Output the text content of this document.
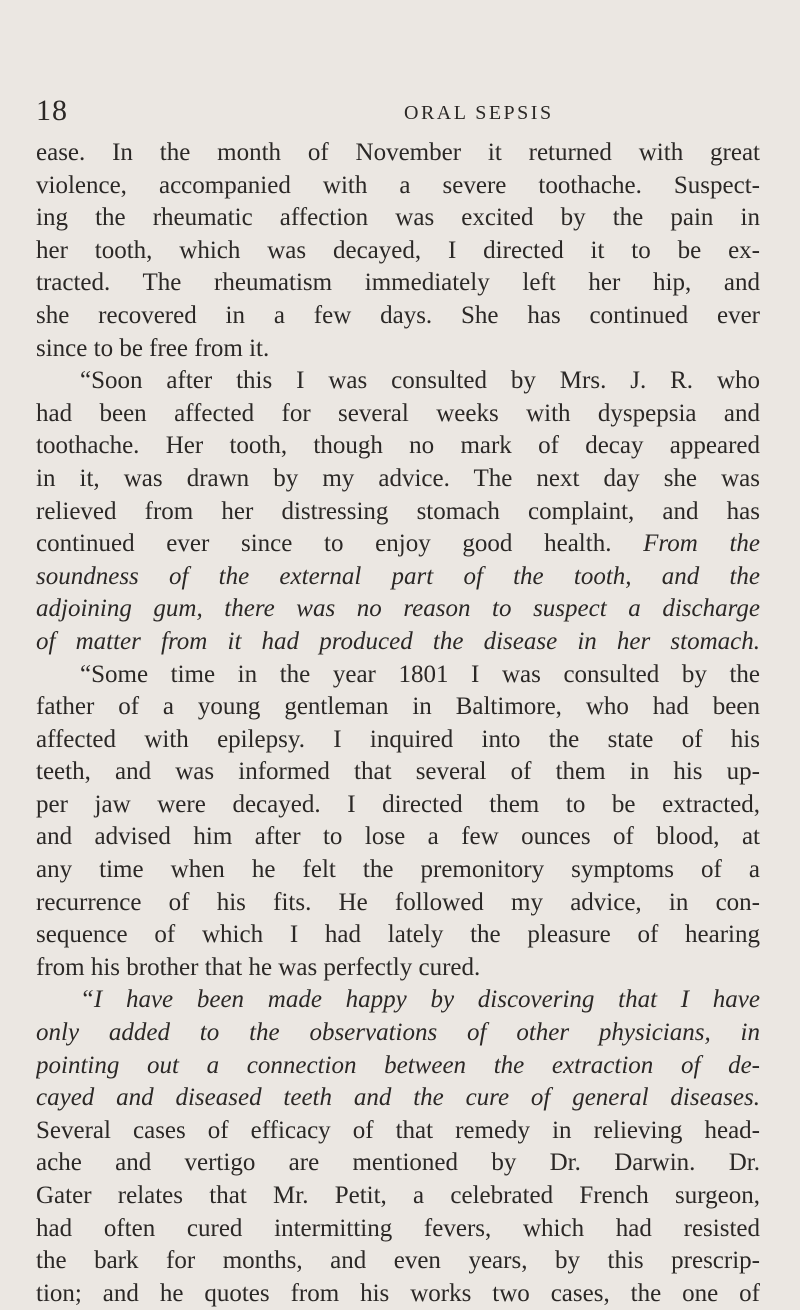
18	ORAL SEPSIS
ease. In the month of November it returned with great
violence, accompanied with a severe toothache. Suspect-
ing the rheumatic affection was excited by the pain in
her tooth, which was decayed, I directed it to be ex-
tracted. The rheumatism immediately left her hip, and
she recovered in a few days. She has continued ever
since to be free from it.
“Soon after this I was consulted by Mrs. J. R. who
had been affected for several weeks with dyspepsia and
toothache. Her tooth, though no mark of decay appeared
in it, was drawn by my advice. The next day she was
relieved from her distressing stomach complaint, and has
continued ever since to enjoy good health. From the
soundness of the external part of the tooth, and the
adjoining gum, there was no reason to suspect a discharge
of matter from it had produced the disease in her stomach.
“Some time in the year 1801 I was consulted by the
father of a young gentleman in Baltimore, who had been
affected with epilepsy. I inquired into the state of his
teeth, and was informed that several of them in his up-
per jaw were decayed. I directed them to be extracted,
and advised him after to lose a few ounces of blood, at
any time when he felt the premonitory symptoms of a
recurrence of his fits. He followed my advice, in con-
sequence of which I had lately the pleasure of hearing
from his brother that he was perfectly cured.
“I have been made happy by discovering that I have
only added to the observations of other physicians, in
pointing out a connection between the extraction of de-
cayed and diseased teeth and the cure of general diseases.
Several cases of efficacy of that remedy in relieving head-
ache and vertigo are mentioned by Dr. Darwin. Dr.
Gater relates that Mr. Petit, a celebrated French surgeon,
had often cured intermitting fevers, which had resisted
the bark for months, and even years, by this prescrip-
tion; and he quotes from his works two cases, the one of
